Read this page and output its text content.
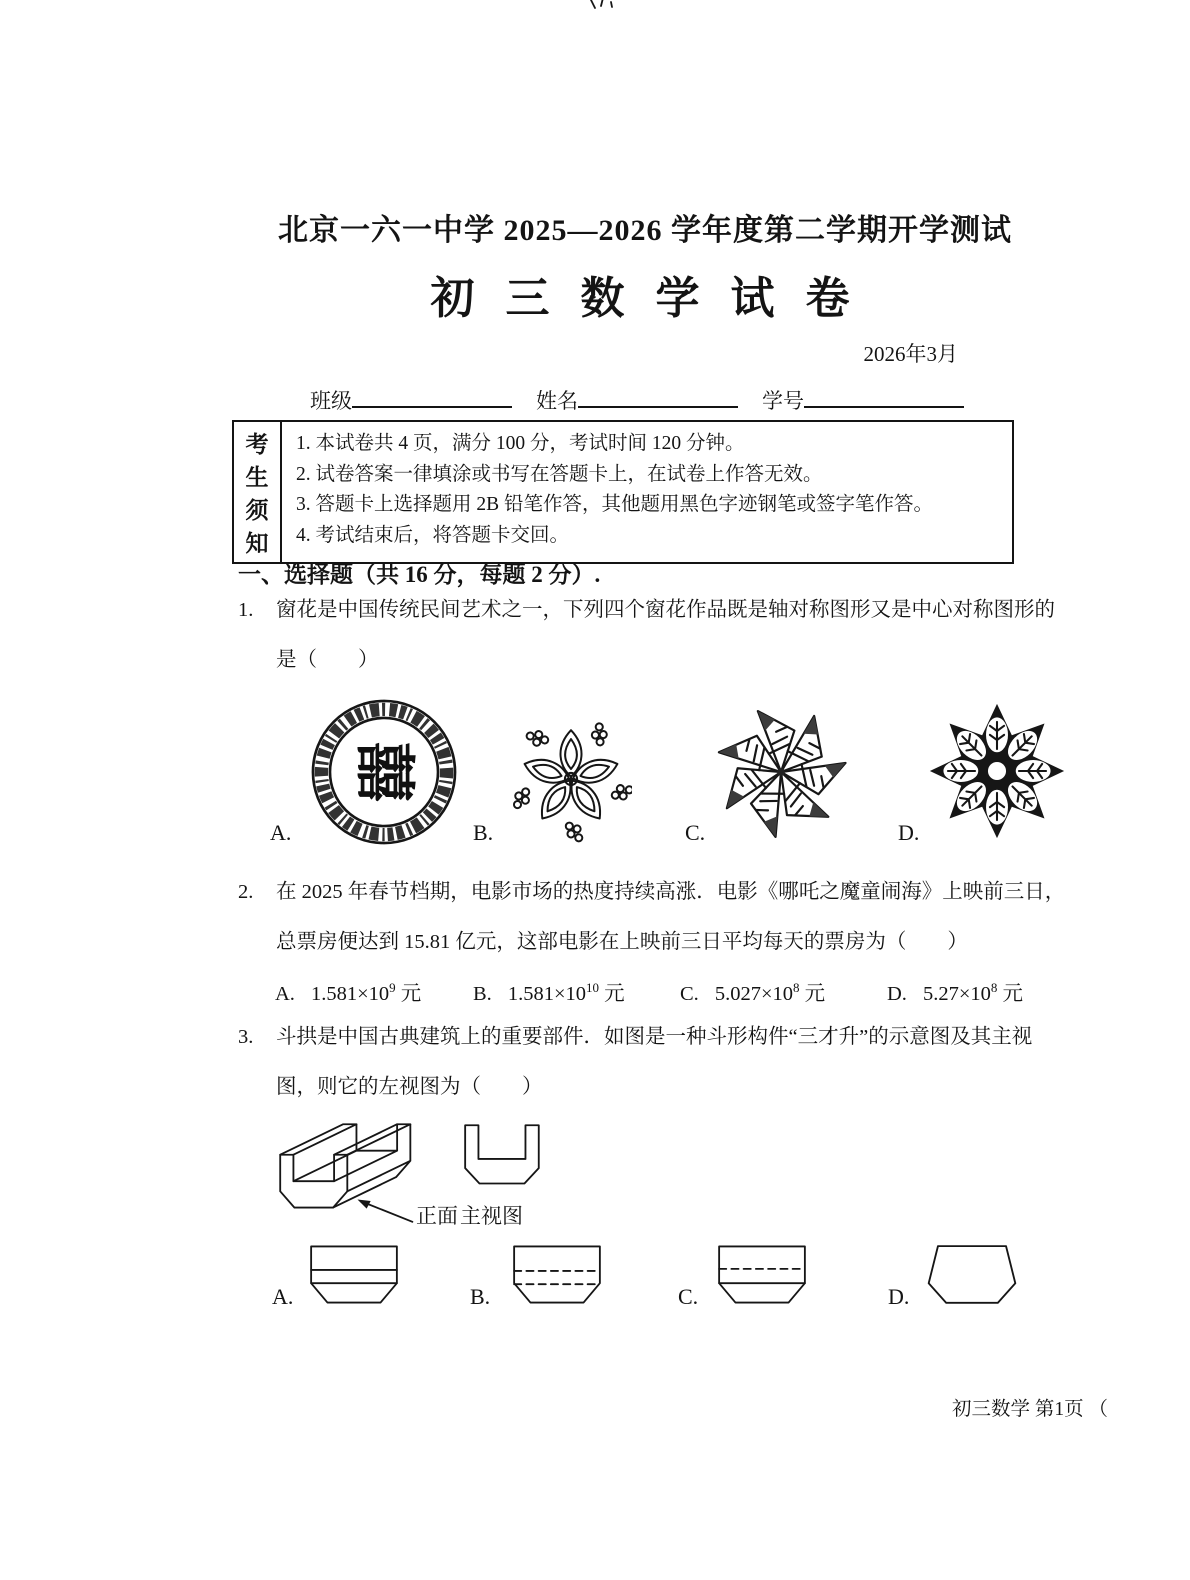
北京一六一中学 2025—2026 学年度第二学期开学测试
初 三 数 学 试 卷
2026年3月
班级	姓名	学号
考
生
须
知
1. 本试卷共 4 页，满分 100 分，考试时间 120 分钟。
2. 试卷答案一律填涂或书写在答题卡上，在试卷上作答无效。
3. 答题卡上选择题用 2B 铅笔作答，其他题用黑色字迹钢笔或签字笔作答。
4. 考试结束后，将答题卡交回。
一、选择题（共 16 分，每题 2 分）.
1. 窗花是中国传统民间艺术之一，下列四个窗花作品既是轴对称图形又是中心对称图形的
是（　　）
A.
囍
B.	C.	D.
2. 在 2025 年春节档期，电影市场的热度持续高涨．电影《哪吒之魔童闹海》上映前三日，
总票房便达到 15.81 亿元，这部电影在上映前三日平均每天的票房为（　　）
A. $1.581\times 10^9$ 元	B. $1.581\times 10^{10}$ 元	C. $5.027\times 10^8$ 元	D. $5.27\times 10^8$ 元
3. 斗拱是中国古典建筑上的重要部件．如图是一种斗形构件“三才升”的示意图及其主视
图，则它的左视图为（　　）
正面 主视图
A.	B.	C.	D.
初三数学 第1页 （
